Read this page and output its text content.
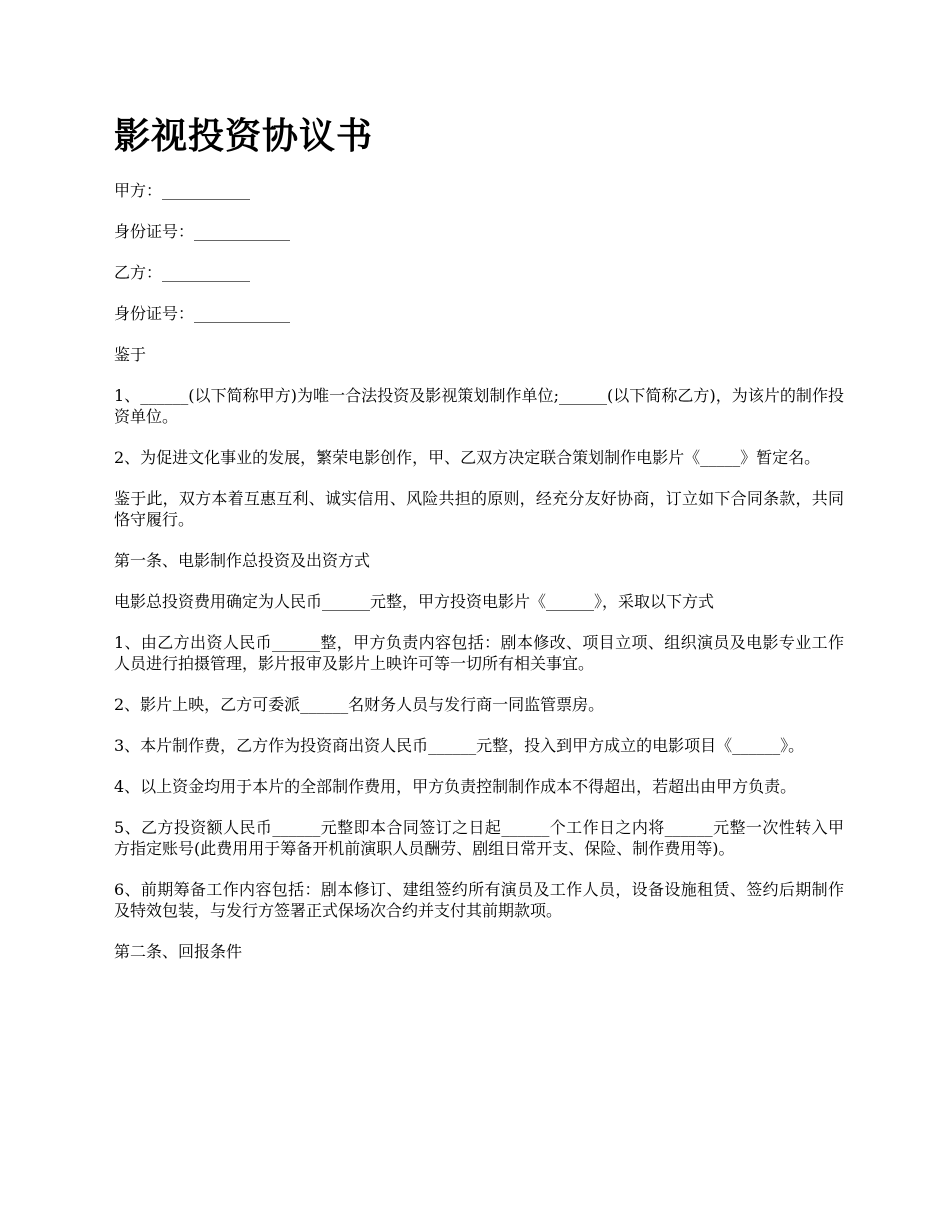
影视投资协议书

甲方：___________

身份证号：____________

乙方：___________

身份证号：____________

鉴于

1、______(以下简称甲方)为唯一合法投资及影视策划制作单位;______(以下简称乙方)，为该片的制作投资单位。

2、为促进文化事业的发展，繁荣电影创作，甲、乙双方决定联合策划制作电影片《_____》暂定名。

鉴于此，双方本着互惠互利、诚实信用、风险共担的原则，经充分友好协商，订立如下合同条款，共同恪守履行。

第一条、电影制作总投资及出资方式

电影总投资费用确定为人民币______元整，甲方投资电影片《______》，采取以下方式

1、由乙方出资人民币______整，甲方负责内容包括：剧本修改、项目立项、组织演员及电影专业工作人员进行拍摄管理，影片报审及影片上映许可等一切所有相关事宜。

2、影片上映，乙方可委派______名财务人员与发行商一同监管票房。

3、本片制作费，乙方作为投资商出资人民币______元整，投入到甲方成立的电影项目《______》。

4、以上资金均用于本片的全部制作费用，甲方负责控制制作成本不得超出，若超出由甲方负责。

5、乙方投资额人民币______元整即本合同签订之日起______个工作日之内将______元整一次性转入甲方指定账号(此费用用于筹备开机前演职人员酬劳、剧组日常开支、保险、制作费用等)。

6、前期筹备工作内容包括：剧本修订、建组签约所有演员及工作人员，设备设施租赁、签约后期制作及特效包装，与发行方签署正式保场次合约并支付其前期款项。

第二条、回报条件
